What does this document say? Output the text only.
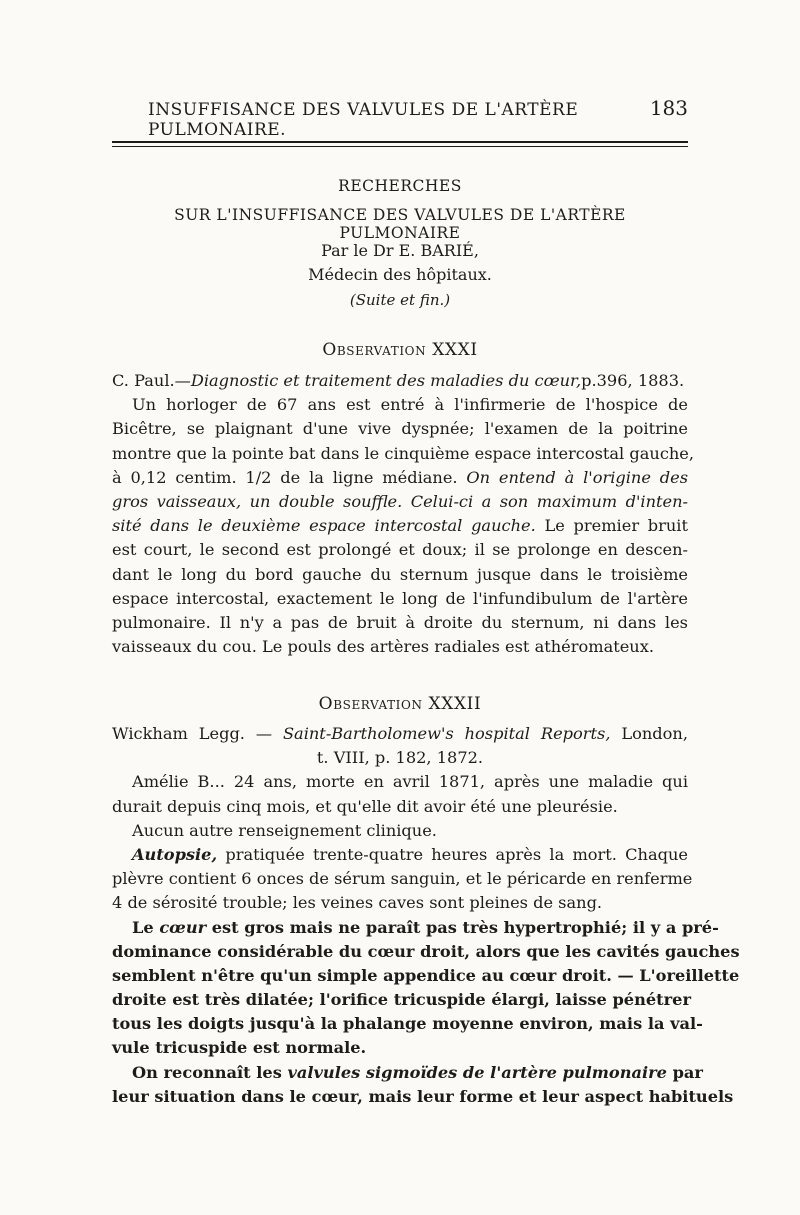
INSUFFISANCE DES VALVULES DE L'ARTÈRE PULMONAIRE.
183
RECHERCHES
SUR L'INSUFFISANCE DES VALVULES DE L'ARTÈRE PULMONAIRE
Par le Dr E. BARIÉ,
Médecin des hôpitaux.
(Suite et fin.)
Observation XXXI
C. Paul.—Diagnostic et traitement des maladies du cœur,p.396, 1883.
Un horloger de 67 ans est entré à l'infirmerie de l'hospice de
Bicêtre, se plaignant d'une vive dyspnée; l'examen de la poitrine
montre que la pointe bat dans le cinquième espace intercostal gauche,
à 0,12 centim. 1/2 de la ligne médiane. On entend à l'origine des
gros vaisseaux, un double souffle. Celui-ci a son maximum d'inten-
sité dans le deuxième espace intercostal gauche. Le premier bruit
est court, le second est prolongé et doux; il se prolonge en descen-
dant le long du bord gauche du sternum jusque dans le troisième
espace intercostal, exactement le long de l'infundibulum de l'artère
pulmonaire. Il n'y a pas de bruit à droite du sternum, ni dans les
vaisseaux du cou. Le pouls des artères radiales est athéromateux.
Observation XXXII
Wickham Legg. — Saint-Bartholomew's hospital Reports, London,
t. VIII, p. 182, 1872.
Amélie B... 24 ans, morte en avril 1871, après une maladie qui
durait depuis cinq mois, et qu'elle dit avoir été une pleurésie.
Aucun autre renseignement clinique.
Autopsie, pratiquée trente-quatre heures après la mort. Chaque
plèvre contient 6 onces de sérum sanguin, et le péricarde en renferme
4 de sérosité trouble; les veines caves sont pleines de sang.
Le cœur est gros mais ne paraît pas très hypertrophié; il y a pré-
dominance considérable du cœur droit, alors que les cavités gauches
semblent n'être qu'un simple appendice au cœur droit. — L'oreillette
droite est très dilatée; l'orifice tricuspide élargi, laisse pénétrer
tous les doigts jusqu'à la phalange moyenne environ, mais la val-
vule tricuspide est normale.
On reconnaît les valvules sigmoïdes de l'artère pulmonaire par
leur situation dans le cœur, mais leur forme et leur aspect habituels
